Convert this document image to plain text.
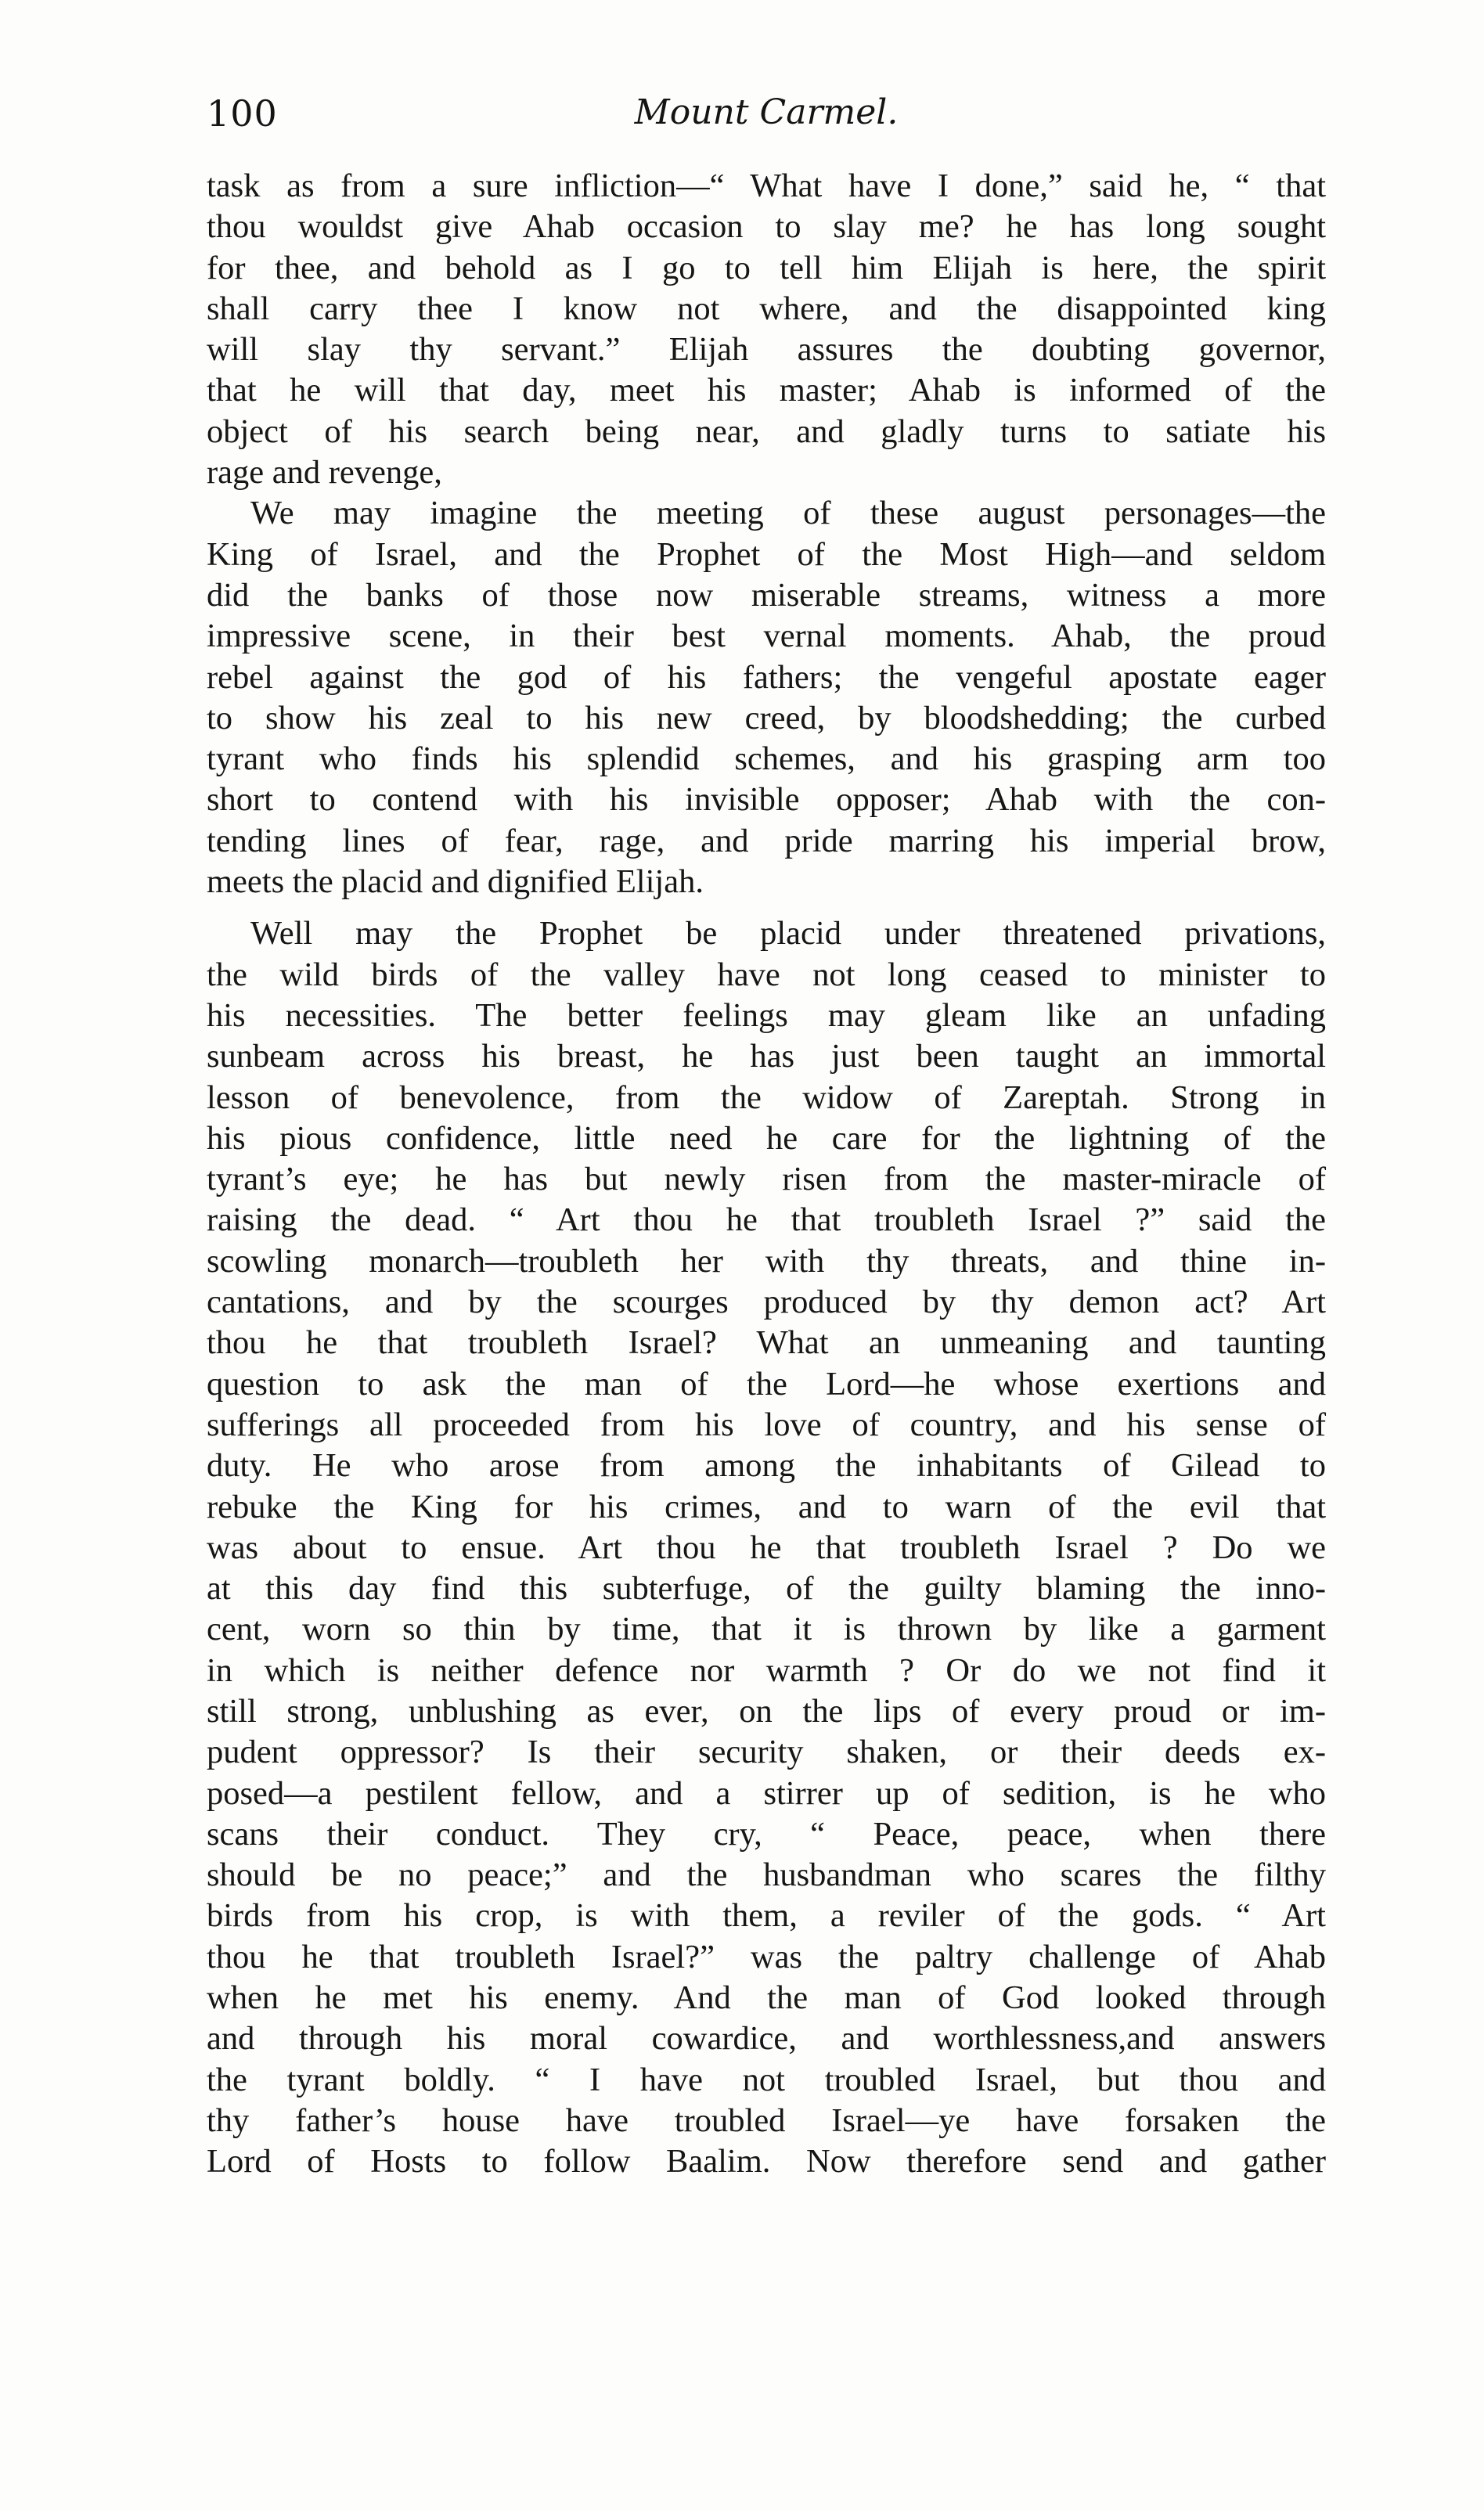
100	Mount Carmel.
task as from a sure infliction—“ What have I done,” said he, “ that
thou wouldst give Ahab occasion to slay me? he has long sought
for thee, and behold as I go to tell him Elijah is here, the spirit
shall carry thee I know not where, and the disappointed king
will slay thy servant.” Elijah assures the doubting governor,
that he will that day, meet his master; Ahab is informed of the
object of his search being near, and gladly turns to satiate his
rage and revenge,
We may imagine the meeting of these august personages—the
King of Israel, and the Prophet of the Most High—and seldom
did the banks of those now miserable streams, witness a more
impressive scene, in their best vernal moments. Ahab, the proud
rebel against the god of his fathers; the vengeful apostate eager
to show his zeal to his new creed, by bloodshedding; the curbed
tyrant who finds his splendid schemes, and his grasping arm too
short to contend with his invisible opposer; Ahab with the con-
tending lines of fear, rage, and pride marring his imperial brow,
meets the placid and dignified Elijah.
Well may the Prophet be placid under threatened privations,
the wild birds of the valley have not long ceased to minister to
his necessities. The better feelings may gleam like an unfading
sunbeam across his breast, he has just been taught an immortal
lesson of benevolence, from the widow of Zareptah. Strong in
his pious confidence, little need he care for the lightning of the
tyrant’s eye; he has but newly risen from the master-miracle of
raising the dead. “ Art thou he that troubleth Israel ?” said the
scowling monarch—troubleth her with thy threats, and thine in-
cantations, and by the scourges produced by thy demon act? Art
thou he that troubleth Israel? What an unmeaning and taunting
question to ask the man of the Lord—he whose exertions and
sufferings all proceeded from his love of country, and his sense of
duty. He who arose from among the inhabitants of Gilead to
rebuke the King for his crimes, and to warn of the evil that
was about to ensue. Art thou he that troubleth Israel ? Do we
at this day find this subterfuge, of the guilty blaming the inno-
cent, worn so thin by time, that it is thrown by like a garment
in which is neither defence nor warmth ? Or do we not find it
still strong, unblushing as ever, on the lips of every proud or im-
pudent oppressor? Is their security shaken, or their deeds ex-
posed—a pestilent fellow, and a stirrer up of sedition, is he who
scans their conduct. They cry, “ Peace, peace, when there
should be no peace;” and the husbandman who scares the filthy
birds from his crop, is with them, a reviler of the gods. “ Art
thou he that troubleth Israel?” was the paltry challenge of Ahab
when he met his enemy. And the man of God looked through
and through his moral cowardice, and worthlessness,and answers
the tyrant boldly. “ I have not troubled Israel, but thou and
thy father’s house have troubled Israel—ye have forsaken the
Lord of Hosts to follow Baalim. Now therefore send and gather
